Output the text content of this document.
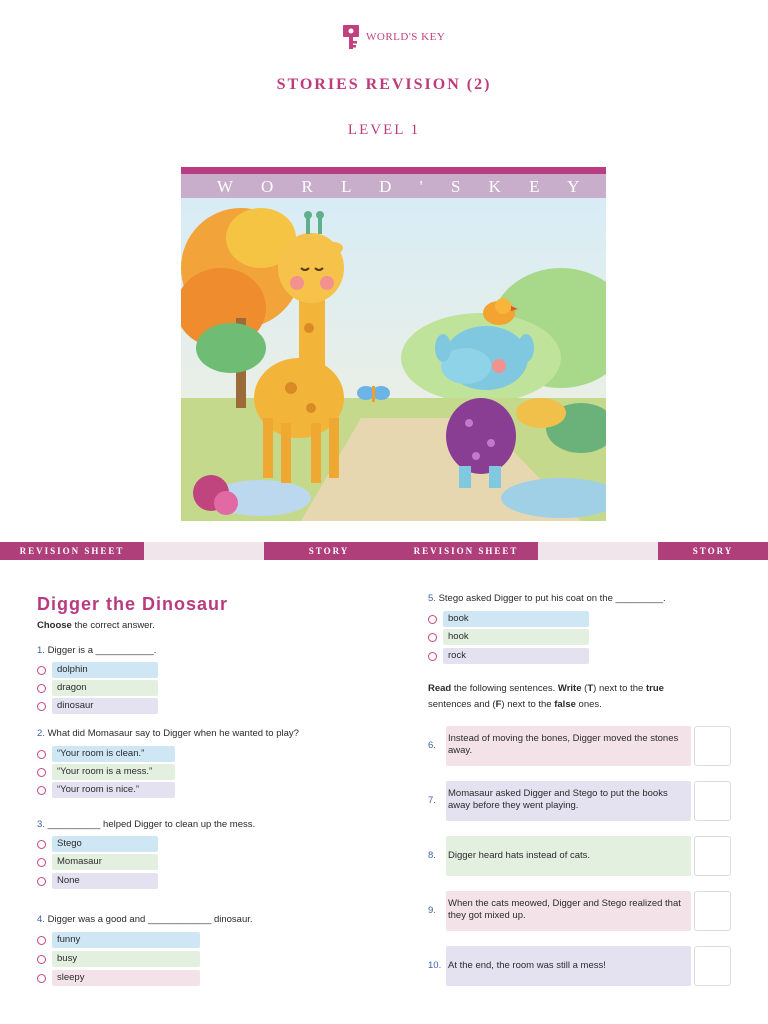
WORLD'S KEY
STORIES REVISION (2)
LEVEL 1
W O R L D ' S K E Y
REVISION SHEET	STORY	REVISION SHEET	STORY
Digger the Dinosaur
Choose the correct answer.
1. Digger is a ___________.
dolphin
dragon
dinosaur
2. What did Momasaur say to Digger when he wanted to play?
“Your room is clean.”
“Your room is a mess.”
“Your room is nice.”
3. __________ helped Digger to clean up the mess.
Stego
Momasaur
None
4. Digger was a good and ____________ dinosaur.
funny
busy
sleepy
5. Stego asked Digger to put his coat on the _________.
book
hook
rock
Read the following sentences. Write (T) next to the true
sentences and (F) next to the false ones.
6.
Instead of moving the bones, Digger moved the stones away.
7.
Momasaur asked Digger and Stego to put the books away before they went playing.
8. Digger heard hats instead of cats.
9.
When the cats meowed, Digger and Stego realized that they got mixed up.
10. At the end, the room was still a mess!
